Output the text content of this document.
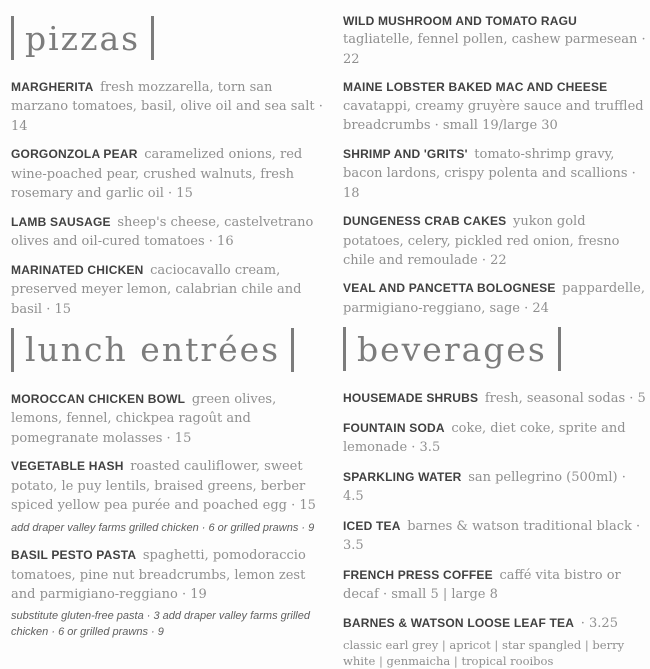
pizzas

MARGHERITA fresh mozzarella, torn san marzano tomatoes, basil, olive oil and sea salt · 14

GORGONZOLA PEAR caramelized onions, red wine-poached pear, crushed walnuts, fresh rosemary and garlic oil · 15

LAMB SAUSAGE sheep's cheese, castelvetrano olives and oil-cured tomatoes · 16

MARINATED CHICKEN caciocavallo cream, preserved meyer lemon, calabrian chile and basil · 15

lunch entrées

MOROCCAN CHICKEN BOWL green olives, lemons, fennel, chickpea ragoût and pomegranate molasses · 15

VEGETABLE HASH roasted cauliflower, sweet potato, le puy lentils, braised greens, berber spiced yellow pea purée and poached egg · 15

add draper valley farms grilled chicken · 6 or grilled prawns · 9

BASIL PESTO PASTA spaghetti, pomodoraccio tomatoes, pine nut breadcrumbs, lemon zest and parmigiano-reggiano · 19

substitute gluten-free pasta · 3 add draper valley farms grilled chicken · 6 or grilled prawns · 9

WILD MUSHROOM AND TOMATO RAGU tagliatelle, fennel pollen, cashew parmesean · 22

MAINE LOBSTER BAKED MAC AND CHEESE cavatappi, creamy gruyère sauce and truffled breadcrumbs · small 19/large 30

SHRIMP AND 'GRITS' tomato-shrimp gravy, bacon lardons, crispy polenta and scallions · 18

DUNGENESS CRAB CAKES yukon gold potatoes, celery, pickled red onion, fresno chile and remoulade · 22

VEAL AND PANCETTA BOLOGNESE pappardelle, parmigiano-reggiano, sage · 24

beverages

HOUSEMADE SHRUBS fresh, seasonal sodas · 5

FOUNTAIN SODA coke, diet coke, sprite and lemonade · 3.5

SPARKLING WATER san pellegrino (500ml) · 4.5

ICED TEA barnes & watson traditional black · 3.5

FRENCH PRESS COFFEE caffé vita bistro or decaf · small 5 | large 8

BARNES & WATSON LOOSE LEAF TEA · 3.25

classic earl grey | apricot | star spangled | berry white | genmaicha | tropical rooibos
